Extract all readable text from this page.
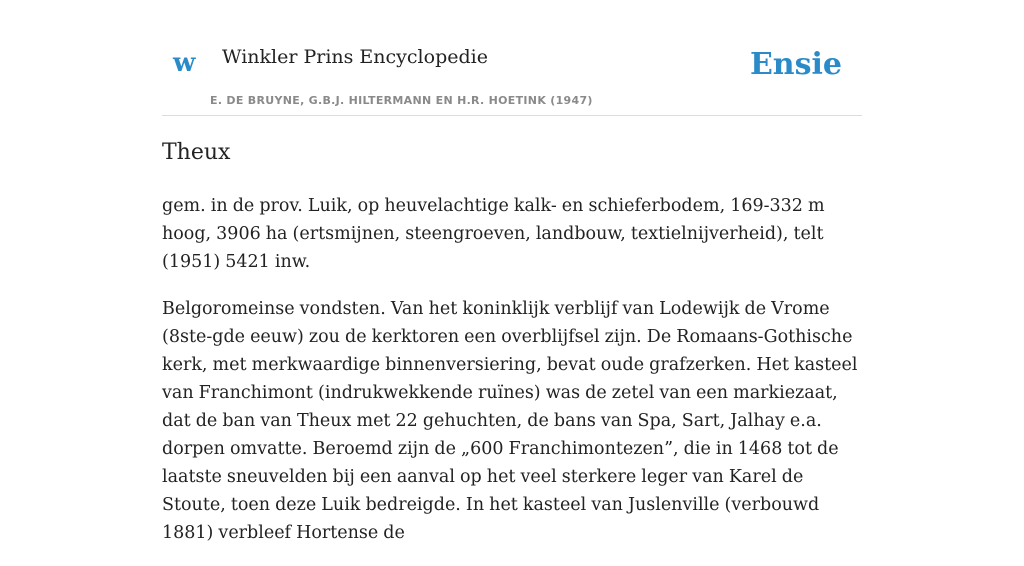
w Winkler Prins Encyclopedie
E. DE BRUYNE, G.B.J. HILTERMANN EN H.R. HOETINK (1947)
Ensie
Theux

gem. in de prov. Luik, op heuvelachtige kalk- en schieferbodem, 169-332 m hoog, 3906 ha (ertsmijnen, steengroeven, landbouw, textielnijverheid), telt (1951) 5421 inw.

Belgoromeinse vondsten. Van het koninklijk verblijf van Lodewijk de Vrome (8ste-gde eeuw) zou de kerktoren een overblijfsel zijn. De Romaans-Gothische kerk, met merkwaardige binnenversiering, bevat oude grafzerken. Het kasteel van Franchimont (indrukwekkende ruïnes) was de zetel van een markiezaat, dat de ban van Theux met 22 gehuchten, de bans van Spa, Sart, Jalhay e.a. dorpen omvatte. Beroemd zijn de „600 Franchimontezen”, die in 1468 tot de laatste sneuvelden bij een aanval op het veel sterkere leger van Karel de Stoute, toen deze Luik bedreigde. In het kasteel van Juslenville (verbouwd 1881) verbleef Hortense de
